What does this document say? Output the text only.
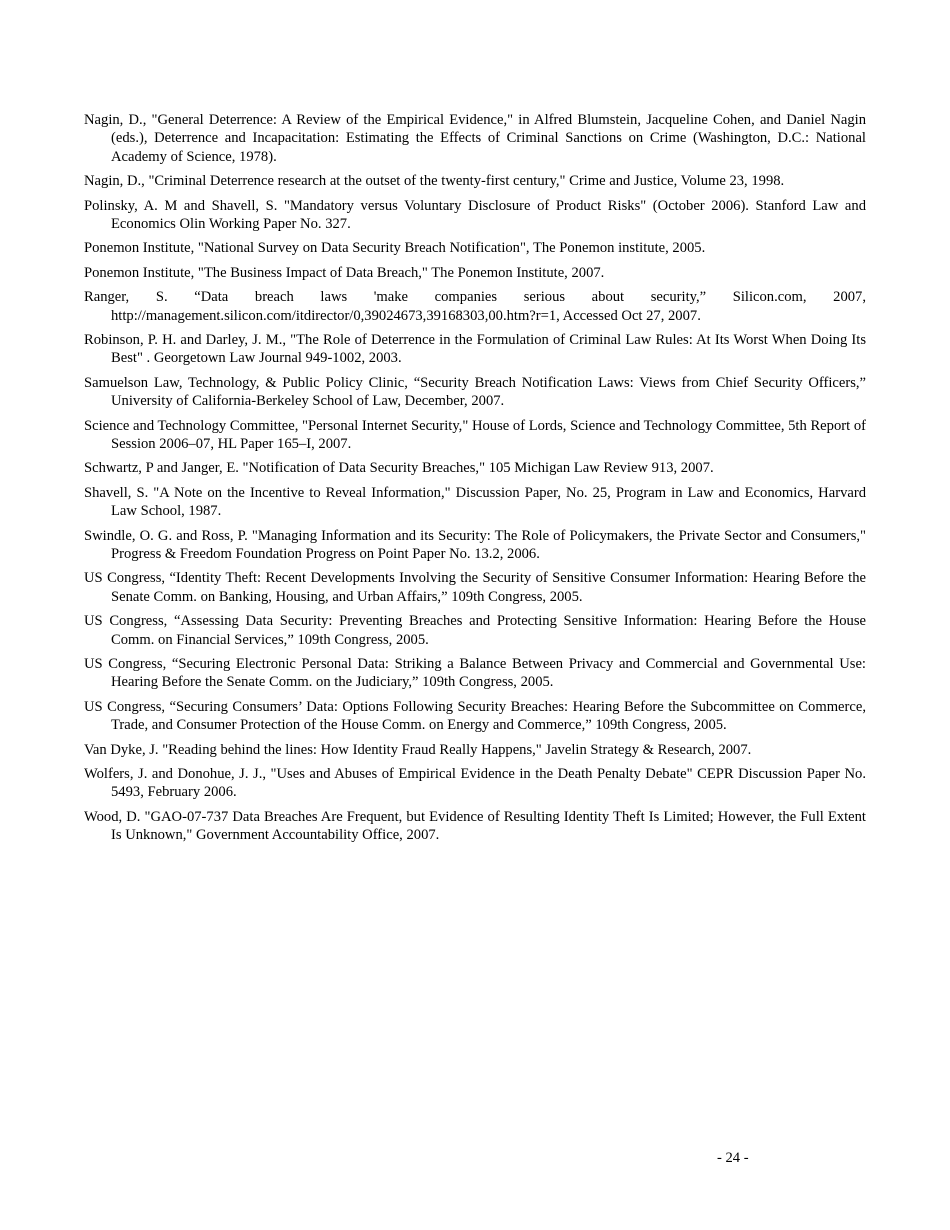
Nagin, D., "General Deterrence: A Review of the Empirical Evidence," in Alfred Blumstein, Jacqueline Cohen, and Daniel Nagin (eds.), Deterrence and Incapacitation: Estimating the Effects of Criminal Sanctions on Crime (Washington, D.C.: National Academy of Science, 1978).
Nagin, D., "Criminal Deterrence research at the outset of the twenty-first century," Crime and Justice, Volume 23, 1998.
Polinsky, A. M and Shavell, S. "Mandatory versus Voluntary Disclosure of Product Risks" (October 2006). Stanford Law and Economics Olin Working Paper No. 327.
Ponemon Institute, "National Survey on Data Security Breach Notification", The Ponemon institute, 2005.
Ponemon Institute, "The Business Impact of Data Breach," The Ponemon Institute, 2007.
Ranger, S. “Data breach laws 'make companies serious about security,” Silicon.com, 2007, http://management.silicon.com/itdirector/0,39024673,39168303,00.htm?r=1, Accessed Oct 27, 2007.
Robinson, P. H. and Darley, J. M., "The Role of Deterrence in the Formulation of Criminal Law Rules: At Its Worst When Doing Its Best" . Georgetown Law Journal 949-1002, 2003.
Samuelson Law, Technology, & Public Policy Clinic, “Security Breach Notification Laws: Views from Chief Security Officers,” University of California-Berkeley School of Law, December, 2007.
Science and Technology Committee, "Personal Internet Security," House of Lords, Science and Technology Committee, 5th Report of Session 2006–07, HL Paper 165–I, 2007.
Schwartz, P and Janger, E. "Notification of Data Security Breaches," 105 Michigan Law Review 913, 2007.
Shavell, S. "A Note on the Incentive to Reveal Information," Discussion Paper, No. 25, Program in Law and Economics, Harvard Law School, 1987.
Swindle, O. G. and Ross, P. "Managing Information and its Security: The Role of Policymakers, the Private Sector and Consumers," Progress & Freedom Foundation Progress on Point Paper No. 13.2, 2006.
US Congress, “Identity Theft: Recent Developments Involving the Security of Sensitive Consumer Information: Hearing Before the Senate Comm. on Banking, Housing, and Urban Affairs,” 109th Congress, 2005.
US Congress, “Assessing Data Security: Preventing Breaches and Protecting Sensitive Information: Hearing Before the House Comm. on Financial Services,” 109th Congress, 2005.
US Congress, “Securing Electronic Personal Data: Striking a Balance Between Privacy and Commercial and Governmental Use: Hearing Before the Senate Comm. on the Judiciary,” 109th Congress, 2005.
US Congress, “Securing Consumers’ Data: Options Following Security Breaches: Hearing Before the Subcommittee on Commerce, Trade, and Consumer Protection of the House Comm. on Energy and Commerce,” 109th Congress, 2005.
Van Dyke, J. "Reading behind the lines: How Identity Fraud Really Happens," Javelin Strategy & Research, 2007.
Wolfers, J. and Donohue, J. J., "Uses and Abuses of Empirical Evidence in the Death Penalty Debate" CEPR Discussion Paper No. 5493, February 2006.
Wood, D. "GAO-07-737 Data Breaches Are Frequent, but Evidence of Resulting Identity Theft Is Limited; However, the Full Extent Is Unknown," Government Accountability Office, 2007.
- 24 -
